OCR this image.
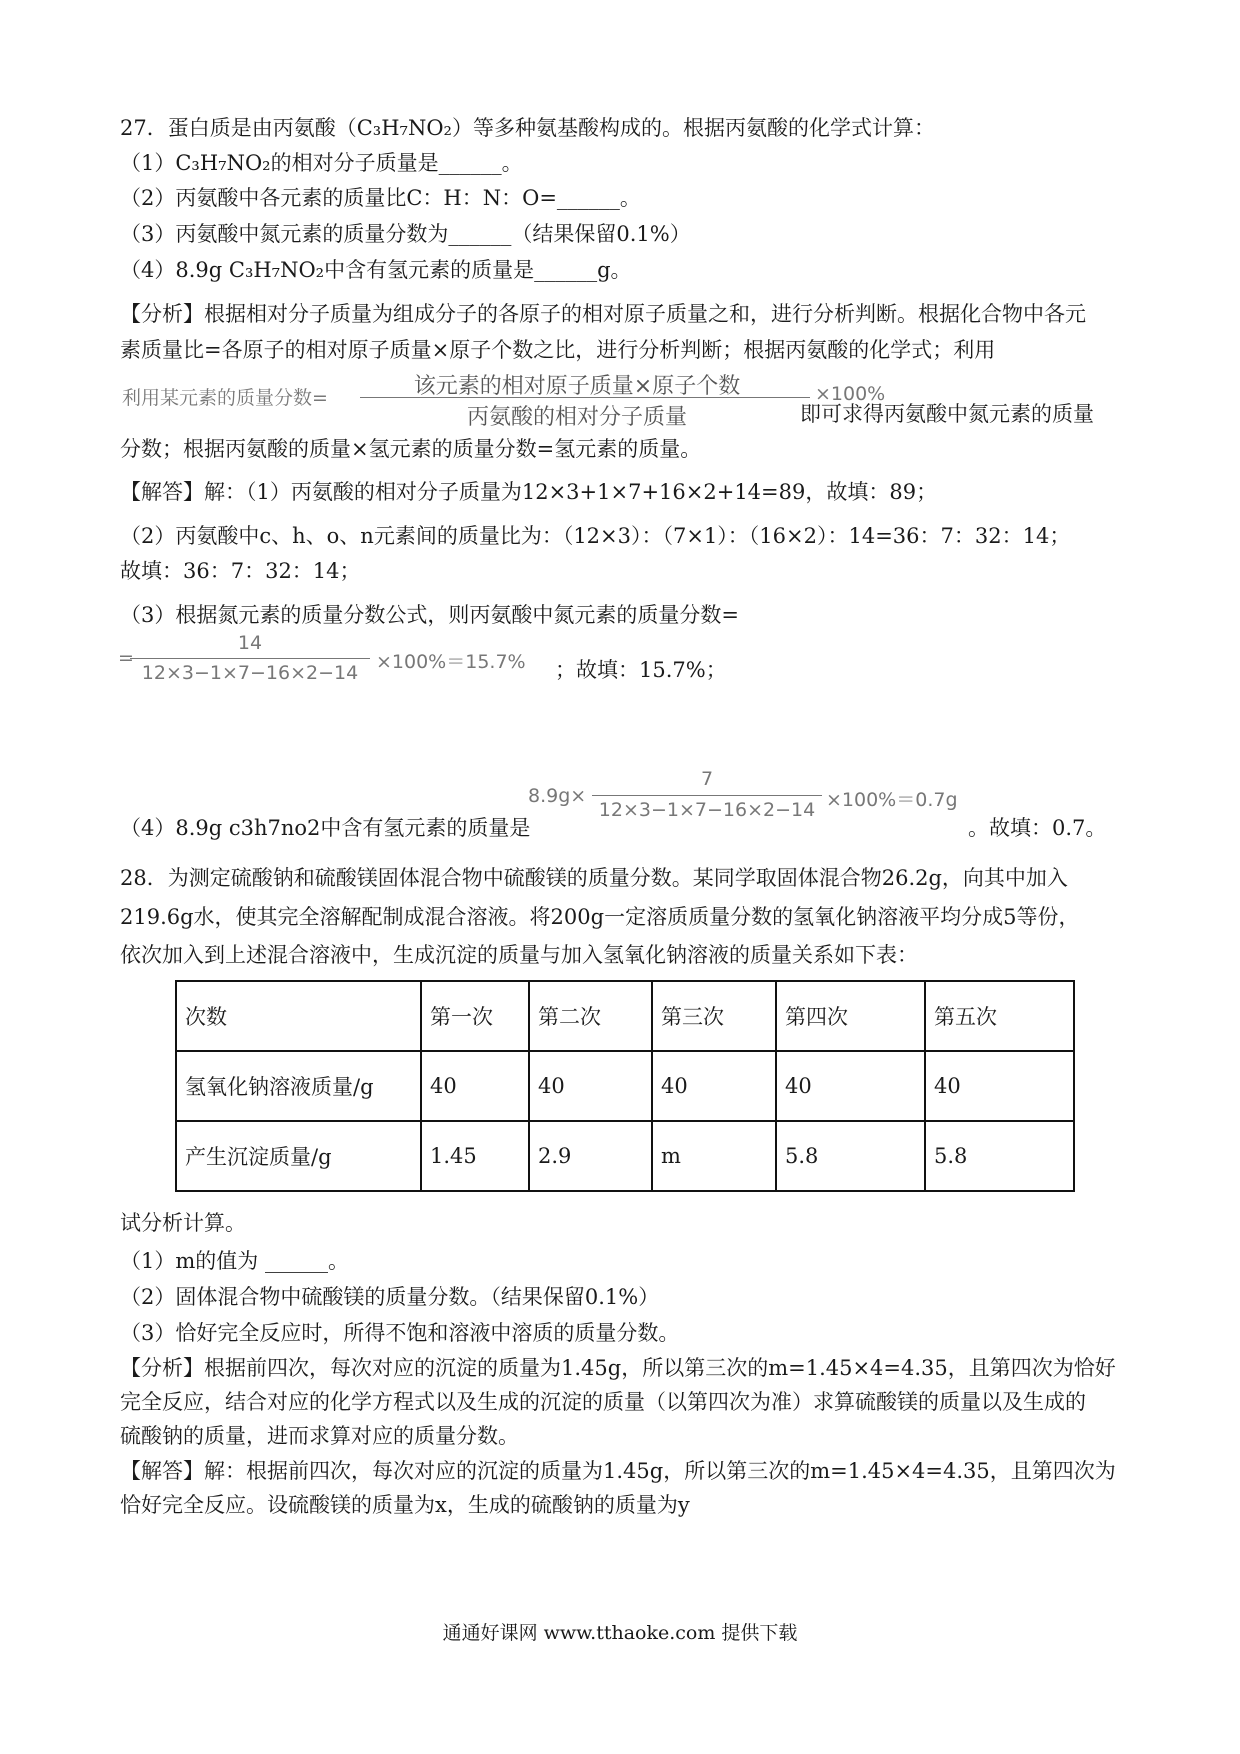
27．蛋白质是由丙氨酸（C₃H₇NO₂）等多种氨基酸构成的。根据丙氨酸的化学式计算：
（1）C₃H₇NO₂的相对分子质量是______。
（2）丙氨酸中各元素的质量比C：H：N：O=______。
（3）丙氨酸中氮元素的质量分数为______（结果保留0.1%）
（4）8.9g C₃H₇NO₂中含有氢元素的质量是______g。
【分析】根据相对分子质量为组成分子的各原子的相对原子质量之和，进行分析判断。根据化合物中各元
素质量比=各原子的相对原子质量×原子个数之比，进行分析判断；根据丙氨酸的化学式；利用
利用某元素的质量分数=	该元素的相对原子质量×原子个数
丙氨酸的相对分子质量
×100%
即可求得丙氨酸中氮元素的质量
分数；根据丙氨酸的质量×氢元素的质量分数=氢元素的质量。
【解答】解：（1）丙氨酸的相对分子质量为12×3+1×7+16×2+14=89，故填：89；
（2）丙氨酸中c、h、o、n元素间的质量比为：（12×3）：（7×1）：（16×2）：14=36：7：32：14；
故填：36：7：32：14；
（3）根据氮元素的质量分数公式，则丙氨酸中氮元素的质量分数=
=
14
12×3−1×7−16×2−14 ×100%＝15.7% ；故填：15.7%；
8.9g×
7
12×3−1×7−16×2−14 ×100%＝0.7g
（4）8.9g c3h7no2中含有氢元素的质量是	。故填：0.7。
28．为测定硫酸钠和硫酸镁固体混合物中硫酸镁的质量分数。某同学取固体混合物26.2g，向其中加入
219.6g水，使其完全溶解配制成混合溶液。将200g一定溶质质量分数的氢氧化钠溶液平均分成5等份，
依次加入到上述混合溶液中，生成沉淀的质量与加入氢氧化钠溶液的质量关系如下表：
次数	第一次	第二次	第三次	第四次	第五次
氢氧化钠溶液质量/g	40	40	40	40	40
产生沉淀质量/g	1.45	2.9	m	5.8	5.8
试分析计算。
（1）m的值为 ______。
（2）固体混合物中硫酸镁的质量分数。（结果保留0.1%）
（3）恰好完全反应时，所得不饱和溶液中溶质的质量分数。
【分析】根据前四次，每次对应的沉淀的质量为1.45g，所以第三次的m=1.45×4=4.35，且第四次为恰好
完全反应，结合对应的化学方程式以及生成的沉淀的质量（以第四次为准）求算硫酸镁的质量以及生成的
硫酸钠的质量，进而求算对应的质量分数。
【解答】解：根据前四次，每次对应的沉淀的质量为1.45g，所以第三次的m=1.45×4=4.35，且第四次为
恰好完全反应。设硫酸镁的质量为x，生成的硫酸钠的质量为y
通通好课网 www.tthaoke.com 提供下载
